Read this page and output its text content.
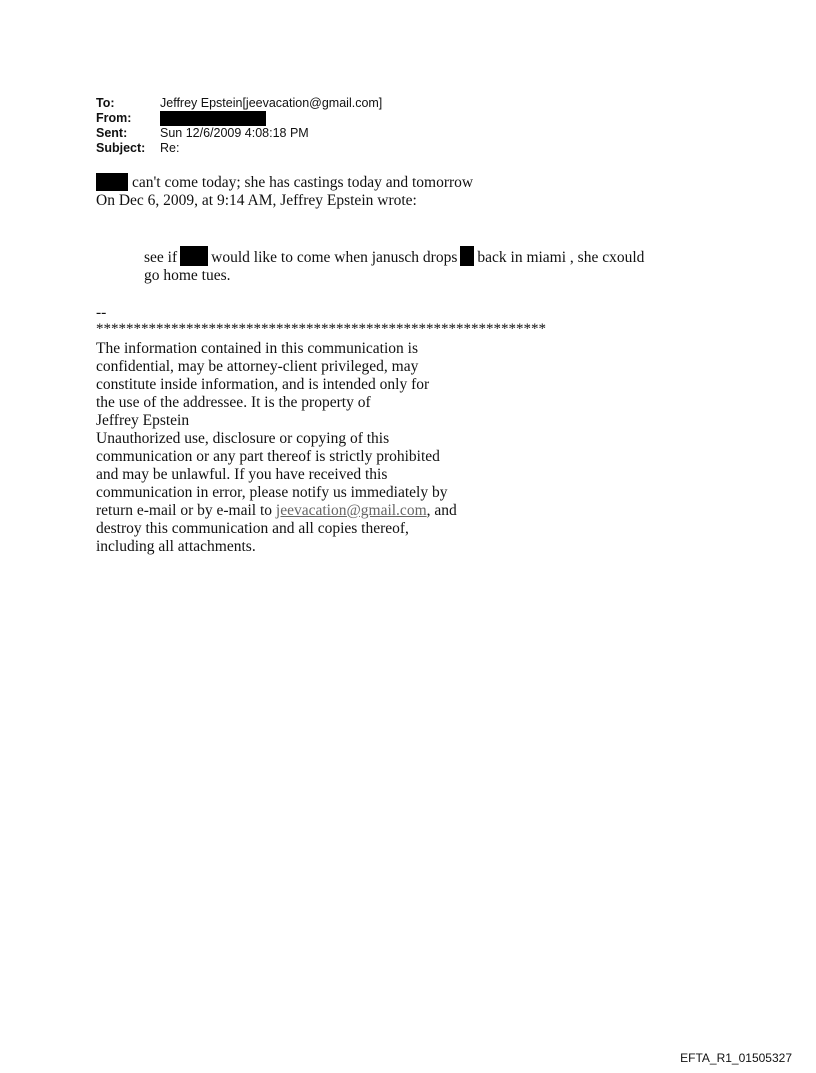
To:	Jeffrey Epstein[jeevacation@gmail.com]
From:
Sent:	Sun 12/6/2009 4:08:18 PM
Subject:	Re:
can't come today; she has castings today and tomorrow
On Dec 6, 2009, at 9:14 AM, Jeffrey Epstein wrote:
see if would like to come when janusch drops back in miami , she cxould
go home tues.
--
************************************************************
The information contained in this communication is
confidential, may be attorney-client privileged, may
constitute inside information, and is intended only for
the use of the addressee. It is the property of
Jeffrey Epstein
Unauthorized use, disclosure or copying of this
communication or any part thereof is strictly prohibited
and may be unlawful. If you have received this
communication in error, please notify us immediately by
return e-mail or by e-mail to jeevacation@gmail.com, and
destroy this communication and all copies thereof,
including all attachments.
EFTA_R1_01505327
